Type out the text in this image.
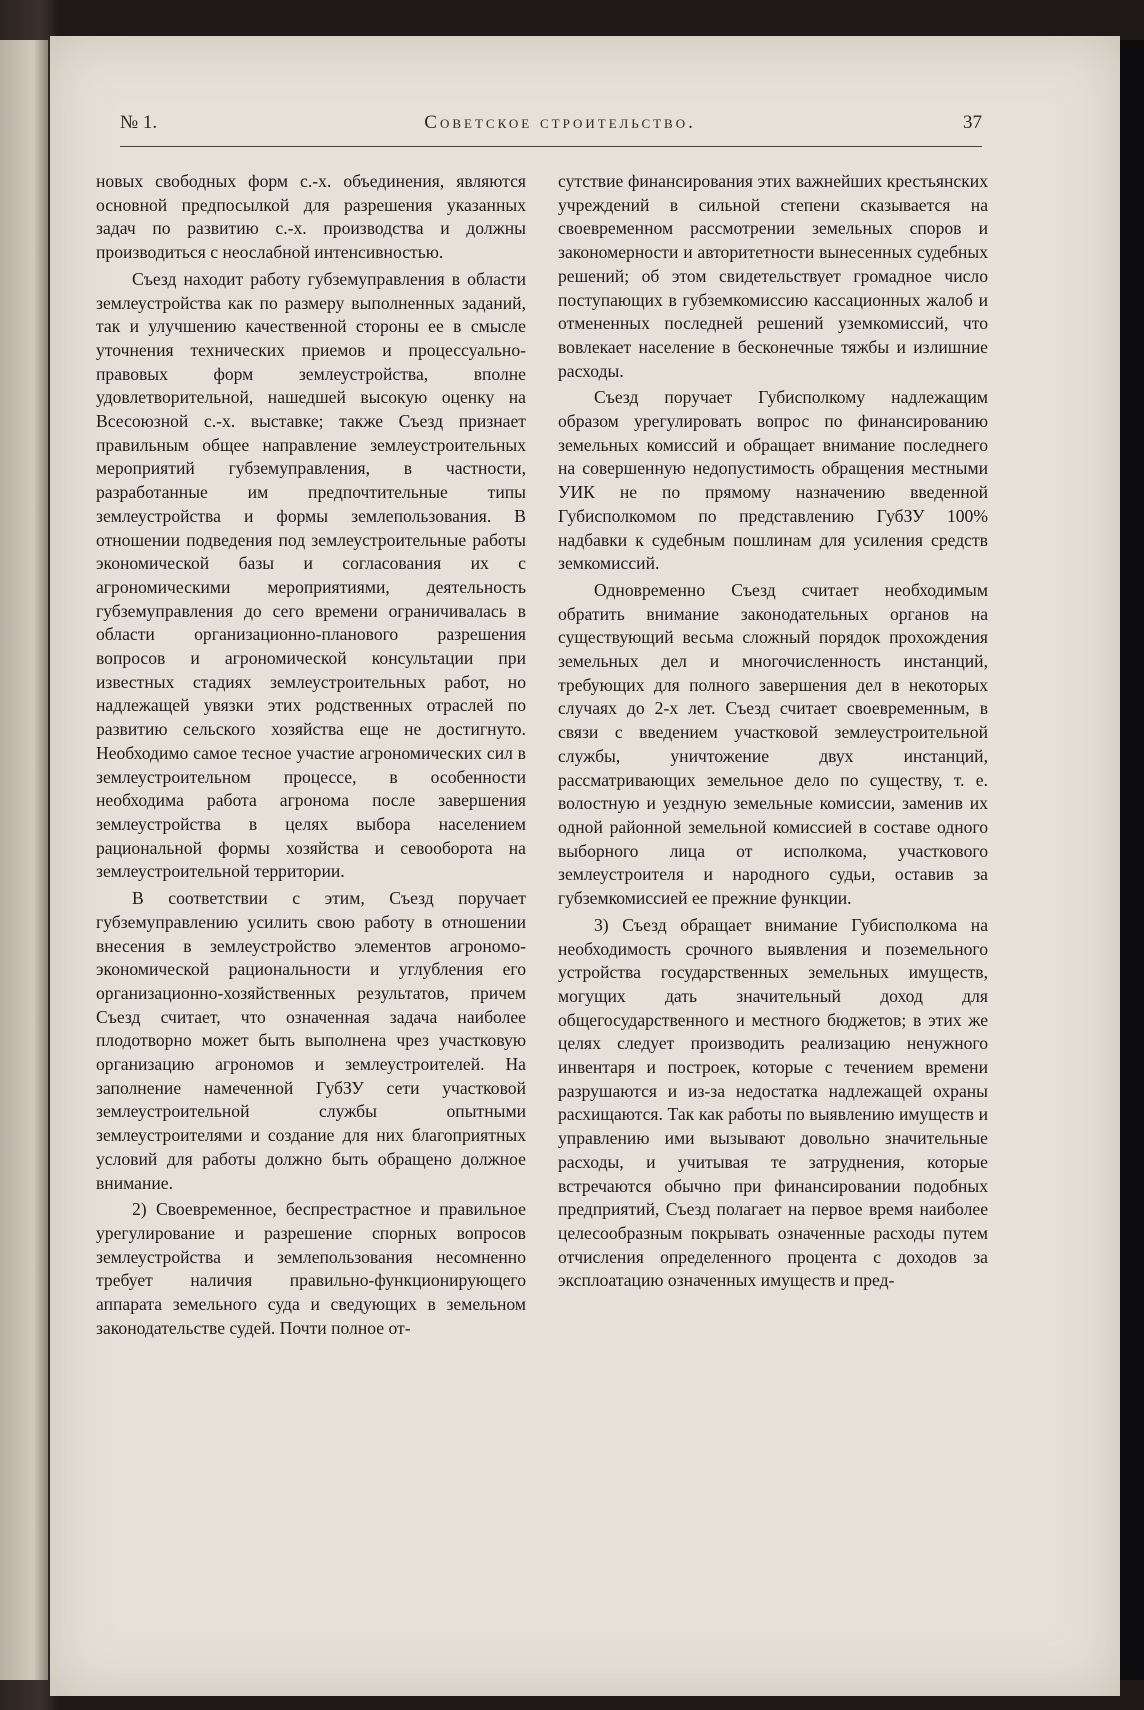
№ 1.	Советское строительство.	37

новых свободных форм с.-х. объединения, являются основной предпосылкой для разрешения указанных задач по развитию с.-х. производства и должны производиться с неослабной интенсивностью.

Съезд находит работу губземуправления в области землеустройства как по размеру выполненных заданий, так и улучшению качественной стороны ее в смысле уточнения технических приемов и процессуально-правовых форм землеустройства, вполне удовлетворительной, нашедшей высокую оценку на Всесоюзной с.-х. выставке; также Съезд признает правильным общее направление землеустроительных мероприятий губземуправления, в частности, разработанные им предпочтительные типы землеустройства и формы землепользования. В отношении подведения под землеустроительные работы экономической базы и согласования их с агрономическими мероприятиями, деятельность губземуправления до сего времени ограничивалась в области организационно-планового разрешения вопросов и агрономической консультации при известных стадиях землеустроительных работ, но надлежащей увязки этих родственных отраслей по развитию сельского хозяйства еще не достигнуто. Необходимо самое тесное участие агрономических сил в землеустроительном процессе, в особенности необходима работа агронома после завершения землеустройства в целях выбора населением рациональной формы хозяйства и севооборота на землеустроительной территории.

В соответствии с этим, Съезд поручает губземуправлению усилить свою работу в отношении внесения в землеустройство элементов агрономо-экономической рациональности и углубления его организационно-хозяйственных результатов, причем Съезд считает, что означенная задача наиболее плодотворно может быть выполнена чрез участковую организацию агрономов и землеустроителей. На заполнение намеченной ГубЗУ сети участковой землеустроительной службы опытными землеустроителями и создание для них благоприятных условий для работы должно быть обращено должное внимание.

2) Своевременное, беспрестрастное и правильное урегулирование и разрешение спорных вопросов землеустройства и землепользования несомненно требует наличия правильно-функционирующего аппарата земельного суда и сведующих в земельном законодательстве судей. Почти полное от-

сутствие финансирования этих важнейших крестьянских учреждений в сильной степени сказывается на своевременном рассмотрении земельных споров и закономерности и авторитетности вынесенных судебных решений; об этом свидетельствует громадное число поступающих в губземкомиссию кассационных жалоб и отмененных последней решений уземкомиссий, что вовлекает население в бесконечные тяжбы и излишние расходы.

Съезд поручает Губисполкому надлежащим образом урегулировать вопрос по финансированию земельных комиссий и обращает внимание последнего на совершенную недопустимость обращения местными УИК не по прямому назначению введенной Губисполкомом по представлению ГубЗУ 100% надбавки к судебным пошлинам для усиления средств земкомиссий.

Одновременно Съезд считает необходимым обратить внимание законодательных органов на существующий весьма сложный порядок прохождения земельных дел и многочисленность инстанций, требующих для полного завершения дел в некоторых случаях до 2-х лет. Съезд считает своевременным, в связи с введением участковой землеустроительной службы, уничтожение двух инстанций, рассматривающих земельное дело по существу, т. е. волостную и уездную земельные комиссии, заменив их одной районной земельной комиссией в составе одного выборного лица от исполкома, участкового землеустроителя и народного судьи, оставив за губземкомиссией ее прежние функции.

3) Съезд обращает внимание Губисполкома на необходимость срочного выявления и поземельного устройства государственных земельных имуществ, могущих дать значительный доход для общегосударственного и местного бюджетов; в этих же целях следует производить реализацию ненужного инвентаря и построек, которые с течением времени разрушаются и из-за недостатка надлежащей охраны расхищаются. Так как работы по выявлению имуществ и управлению ими вызывают довольно значительные расходы, и учитывая те затруднения, которые встречаются обычно при финансировании подобных предприятий, Съезд полагает на первое время наиболее целесообразным покрывать означенные расходы путем отчисления определенного процента с доходов за эксплоатацию означенных имуществ и пред-
